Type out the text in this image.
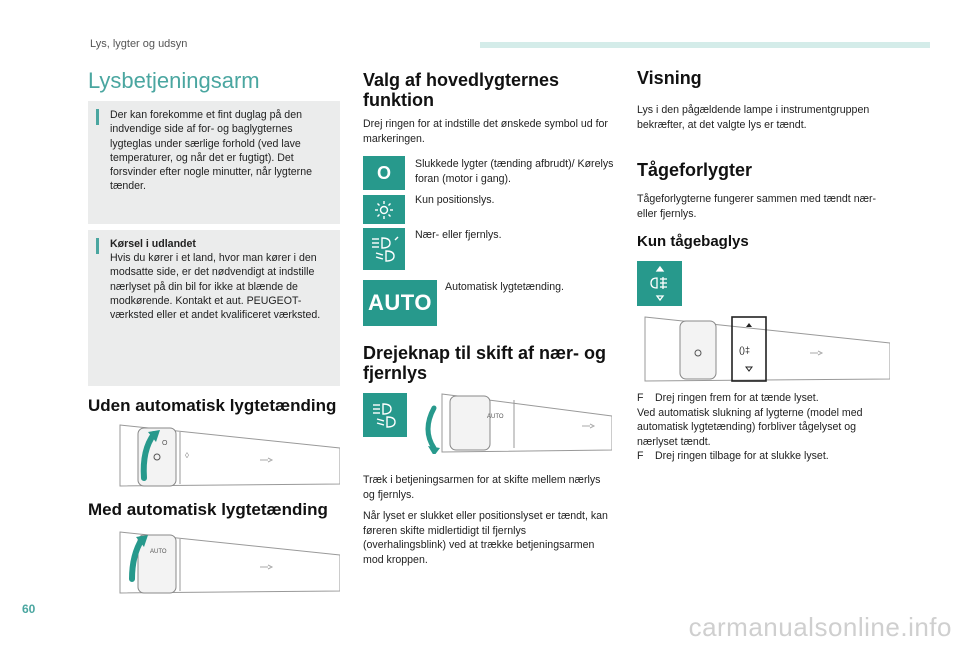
Lys, lygter og udsyn
Lysbetjeningsarm
Der kan forekomme et fint duglag på den indvendige side af for- og baglygternes lygteglas under særlige forhold (ved lave temperaturer, og når det er fugtigt). Det forsvinder efter nogle minutter, når lygterne tænder.
Kørsel i udlandet
Hvis du kører i et land, hvor man kører i den modsatte side, er det nødvendigt at indstille nærlyset på din bil for ikke at blænde de modkørende. Kontakt et aut. PEUGEOT-værksted eller et andet kvalificeret værksted.
Uden automatisk lygtetænding
O
◊
Med automatisk lygtetænding
AUTO
Valg af hovedlygternes funktion
Drej ringen for at indstille det ønskede symbol ud for markeringen.
O Slukkede lygter (tænding afbrudt)/ Kørelys foran (motor i gang).
Kun positionslys.
Nær- eller fjernlys.
AUTO
Automatisk lygtetænding.
Drejeknap til skift af nær- og fjernlys
AUTO
Træk i betjeningsarmen for at skifte mellem nærlys og fjernlys.
Når lyset er slukket eller positionslyset er tændt, kan føreren skifte midlertidigt til fjernlys (overhalingsblink) ved at trække betjeningsarmen mod kroppen.
Visning
Lys i den pågældende lampe i instrumentgruppen bekræfter, at det valgte lys er tændt.
Tågeforlygter
Tågeforlygterne fungerer sammen med tændt nær- eller fjernlys.
Kun tågebaglys
()‡
F Drej ringen frem for at tænde lyset.
Ved automatisk slukning af lygterne (model med automatisk lygtetænding) forbliver tågelyset og nærlyset tændt.
F Drej ringen tilbage for at slukke lyset.
60
carmanualsonline.info
